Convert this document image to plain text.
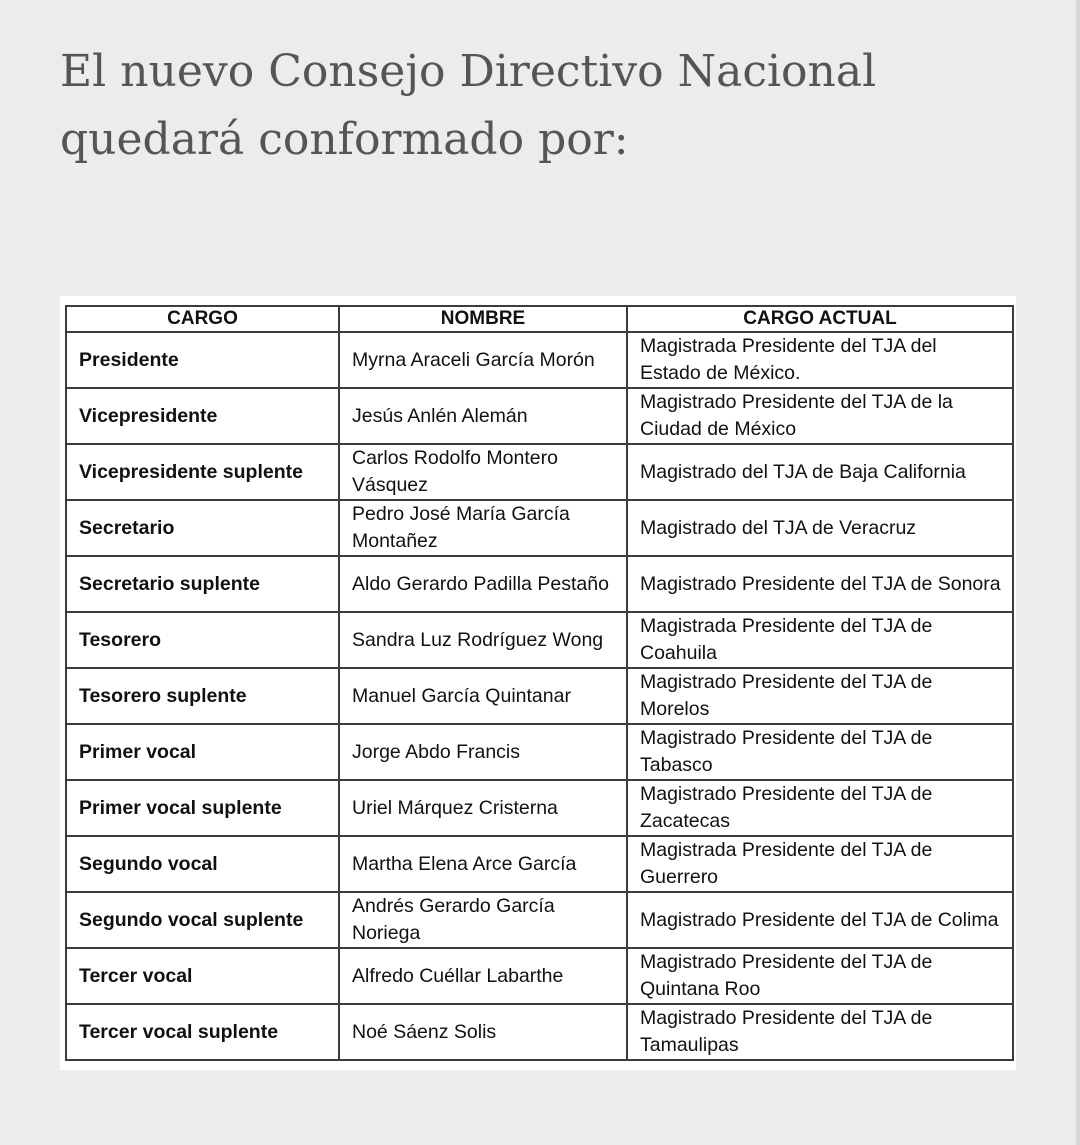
El nuevo Consejo Directivo Nacional
quedará conformado por:
CARGO	NOMBRE	CARGO ACTUAL
Presidente	Myrna Araceli García Morón	Magistrada Presidente del TJA del Estado de México.
Vicepresidente	Jesús Anlén Alemán	Magistrado Presidente del TJA de la Ciudad de México
Vicepresidente suplente	Carlos Rodolfo Montero Vásquez	Magistrado del TJA de Baja California
Secretario	Pedro José María García Montañez	Magistrado del TJA de Veracruz
Secretario suplente	Aldo Gerardo Padilla Pestaño	Magistrado Presidente del TJA de Sonora
Tesorero	Sandra Luz Rodríguez Wong	Magistrada Presidente del TJA de Coahuila
Tesorero suplente	Manuel García Quintanar	Magistrado Presidente del TJA de Morelos
Primer vocal	Jorge Abdo Francis	Magistrado Presidente del TJA de Tabasco
Primer vocal suplente	Uriel Márquez Cristerna	Magistrado Presidente del TJA de Zacatecas
Segundo vocal	Martha Elena Arce García	Magistrada Presidente del TJA de Guerrero
Segundo vocal suplente	Andrés Gerardo García Noriega	Magistrado Presidente del TJA de Colima
Tercer vocal	Alfredo Cuéllar Labarthe	Magistrado Presidente del TJA de Quintana Roo
Tercer vocal suplente	Noé Sáenz Solis	Magistrado Presidente del TJA de Tamaulipas
